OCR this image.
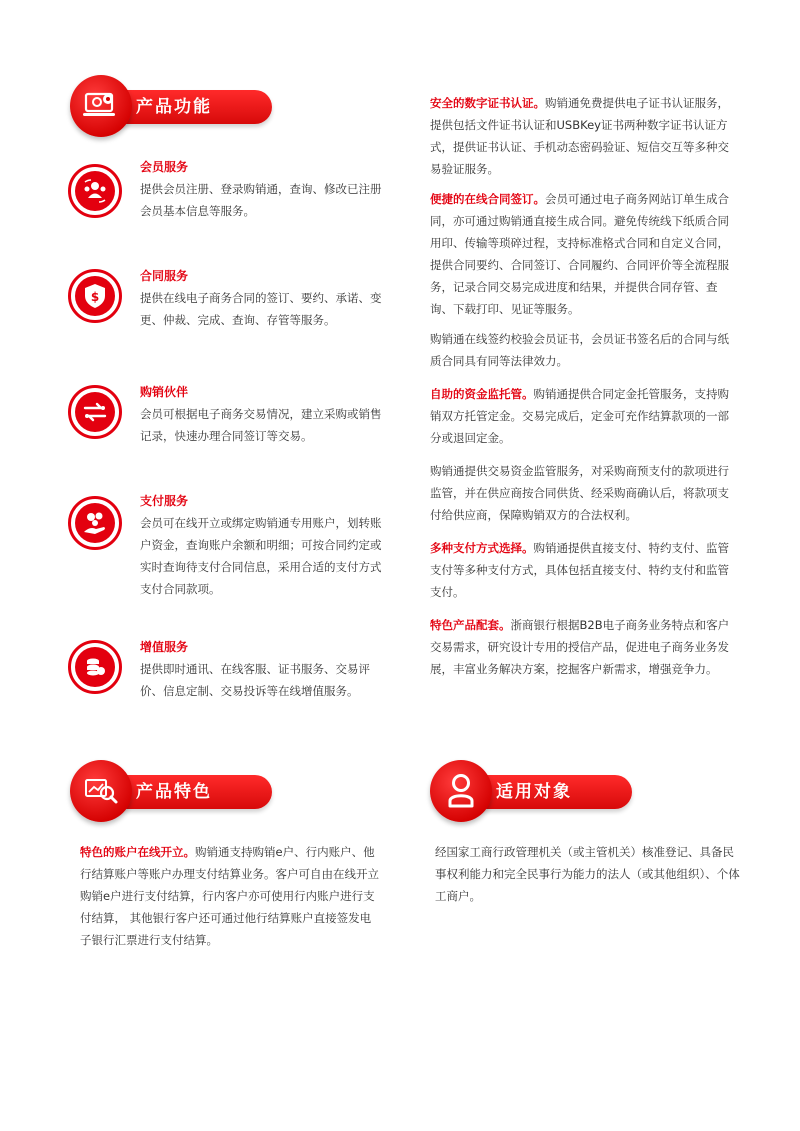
产品功能
会员服务
提供会员注册、登录购销通，查询、修改已注册会员基本信息等服务。
$
合同服务
提供在线电子商务合同的签订、要约、承诺、变更、仲裁、完成、查询、存管等服务。
购销伙伴
会员可根据电子商务交易情况，建立采购或销售记录，快速办理合同签订等交易。
支付服务
会员可在线开立或绑定购销通专用账户，划转账户资金，查询账户余额和明细；可按合同约定或实时查询待支付合同信息，采用合适的支付方式支付合同款项。
增值服务
提供即时通讯、在线客服、证书服务、交易评价、信息定制、交易投诉等在线增值服务。
安全的数字证书认证。购销通免费提供电子证书认证服务，提供包括文件证书认证和USBKey证书两种数字证书认证方式，提供证书认证、手机动态密码验证、短信交互等多种交易验证服务。
便捷的在线合同签订。会员可通过电子商务网站订单生成合同，亦可通过购销通直接生成合同。避免传统线下纸质合同用印、传输等琐碎过程，支持标准格式合同和自定义合同，提供合同要约、合同签订、合同履约、合同评价等全流程服务，记录合同交易完成进度和结果，并提供合同存管、查询、下载打印、见证等服务。
购销通在线签约校验会员证书，会员证书签名后的合同与纸质合同具有同等法律效力。
自助的资金监托管。购销通提供合同定金托管服务，支持购销双方托管定金。交易完成后，定金可充作结算款项的一部分或退回定金。
购销通提供交易资金监管服务，对采购商预支付的款项进行监管，并在供应商按合同供货、经采购商确认后，将款项支付给供应商，保障购销双方的合法权利。
多种支付方式选择。购销通提供直接支付、特约支付、监管支付等多种支付方式，具体包括直接支付、特约支付和监管支付。
特色产品配套。浙商银行根据B2B电子商务业务特点和客户交易需求，研究设计专用的授信产品，促进电子商务业务发展，丰富业务解决方案，挖掘客户新需求，增强竞争力。
产品特色
特色的账户在线开立。购销通支持购销e户、行内账户、他行结算账户等账户办理支付结算业务。客户可自由在线开立购销e户进行支付结算，行内客户亦可使用行内账户进行支付结算， 其他银行客户还可通过他行结算账户直接签发电子银行汇票进行支付结算。
适用对象
经国家工商行政管理机关（或主管机关）核准登记、具备民事权利能力和完全民事行为能力的法人（或其他组织）、个体工商户。
